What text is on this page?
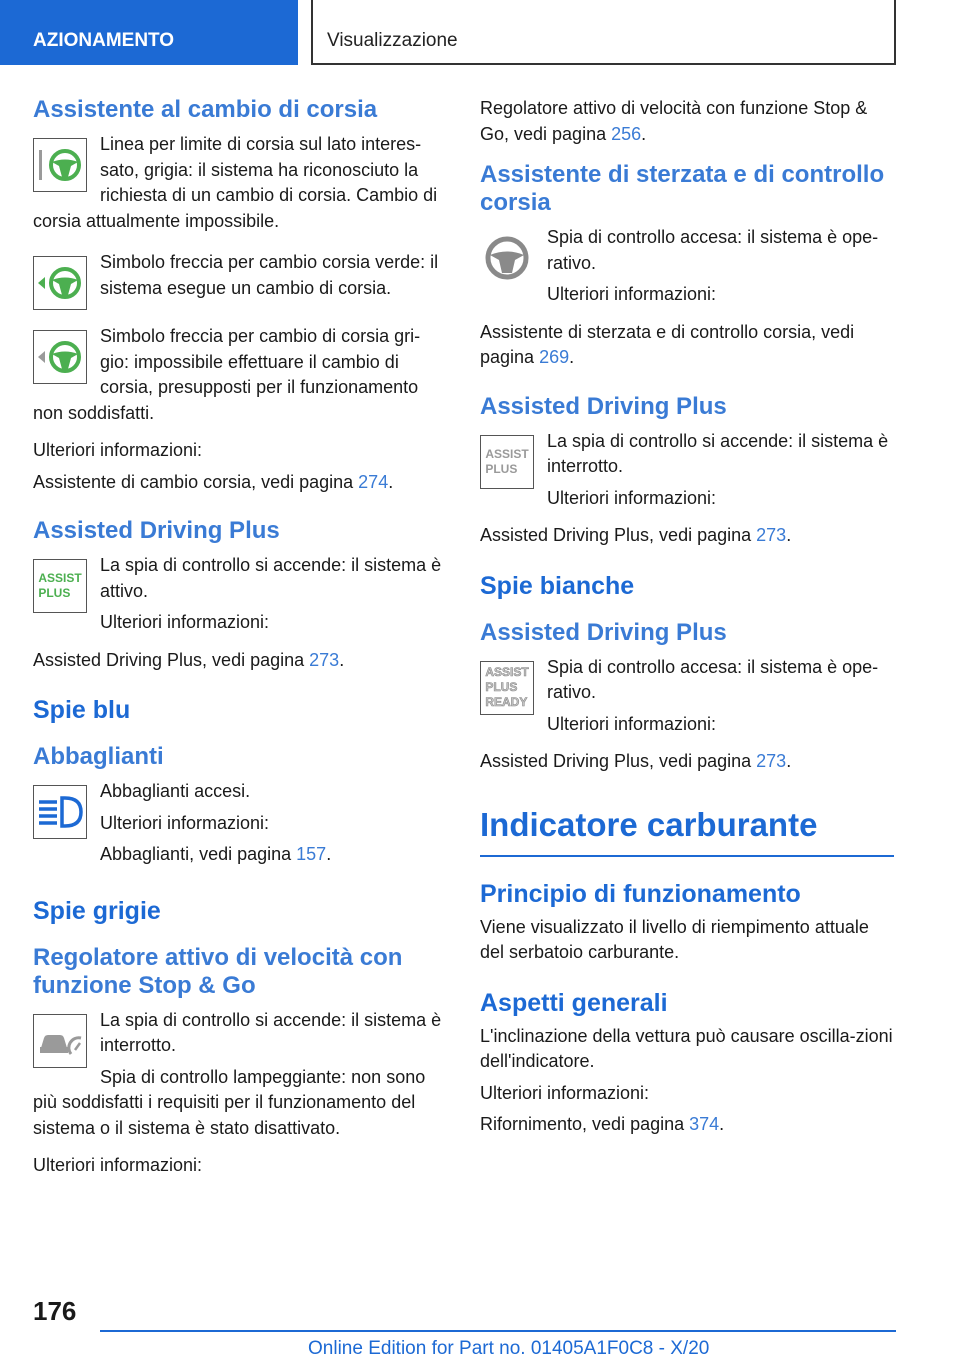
AZIONAMENTO	Visualizzazione
Assistente al cambio di corsia

Linea per limite di corsia sul lato interes-sato, grigia: il sistema ha riconosciuto la richiesta di un cambio di corsia. Cambio di corsia attualmente impossibile.

Simbolo freccia per cambio corsia verde: il sistema esegue un cambio di corsia.

Simbolo freccia per cambio di corsia gri-gio: impossibile effettuare il cambio di corsia, presupposti per il funzionamento non soddisfatti.

Ulteriori informazioni:

Assistente di cambio corsia, vedi pagina 274.

Assisted Driving Plus
ASSIST
PLUS

La spia di controllo si accende: il sistema è attivo.

Ulteriori informazioni:

Assisted Driving Plus, vedi pagina 273.

Spie blu
Abbaglianti

Abbaglianti accesi.

Ulteriori informazioni:

Abbaglianti, vedi pagina 157.

Spie grigie
Regolatore attivo di velocità con funzione Stop & Go

La spia di controllo si accende: il sistema è interrotto.

Spia di controllo lampeggiante: non sono più soddisfatti i requisiti per il funzionamento del sistema o il sistema è stato disattivato.

Ulteriori informazioni:

Regolatore attivo di velocità con funzione Stop & Go, vedi pagina 256.

Assistente di sterzata e di controllo corsia

Spia di controllo accesa: il sistema è ope-rativo.

Ulteriori informazioni:

Assistente di sterzata e di controllo corsia, vedi pagina 269.

Assisted Driving Plus
ASSIST
PLUS

La spia di controllo si accende: il sistema è interrotto.

Ulteriori informazioni:

Assisted Driving Plus, vedi pagina 273.

Spie bianche
Assisted Driving Plus
ASSIST
PLUS
READY

Spia di controllo accesa: il sistema è ope-rativo.

Ulteriori informazioni:

Assisted Driving Plus, vedi pagina 273.

Indicatore carburante
Principio di funzionamento

Viene visualizzato il livello di riempimento attuale del serbatoio carburante.

Aspetti generali

L'inclinazione della vettura può causare oscilla-zioni dell'indicatore.

Ulteriori informazioni:

Rifornimento, vedi pagina 374.

176
Online Edition for Part no. 01405A1F0C8 - X/20
